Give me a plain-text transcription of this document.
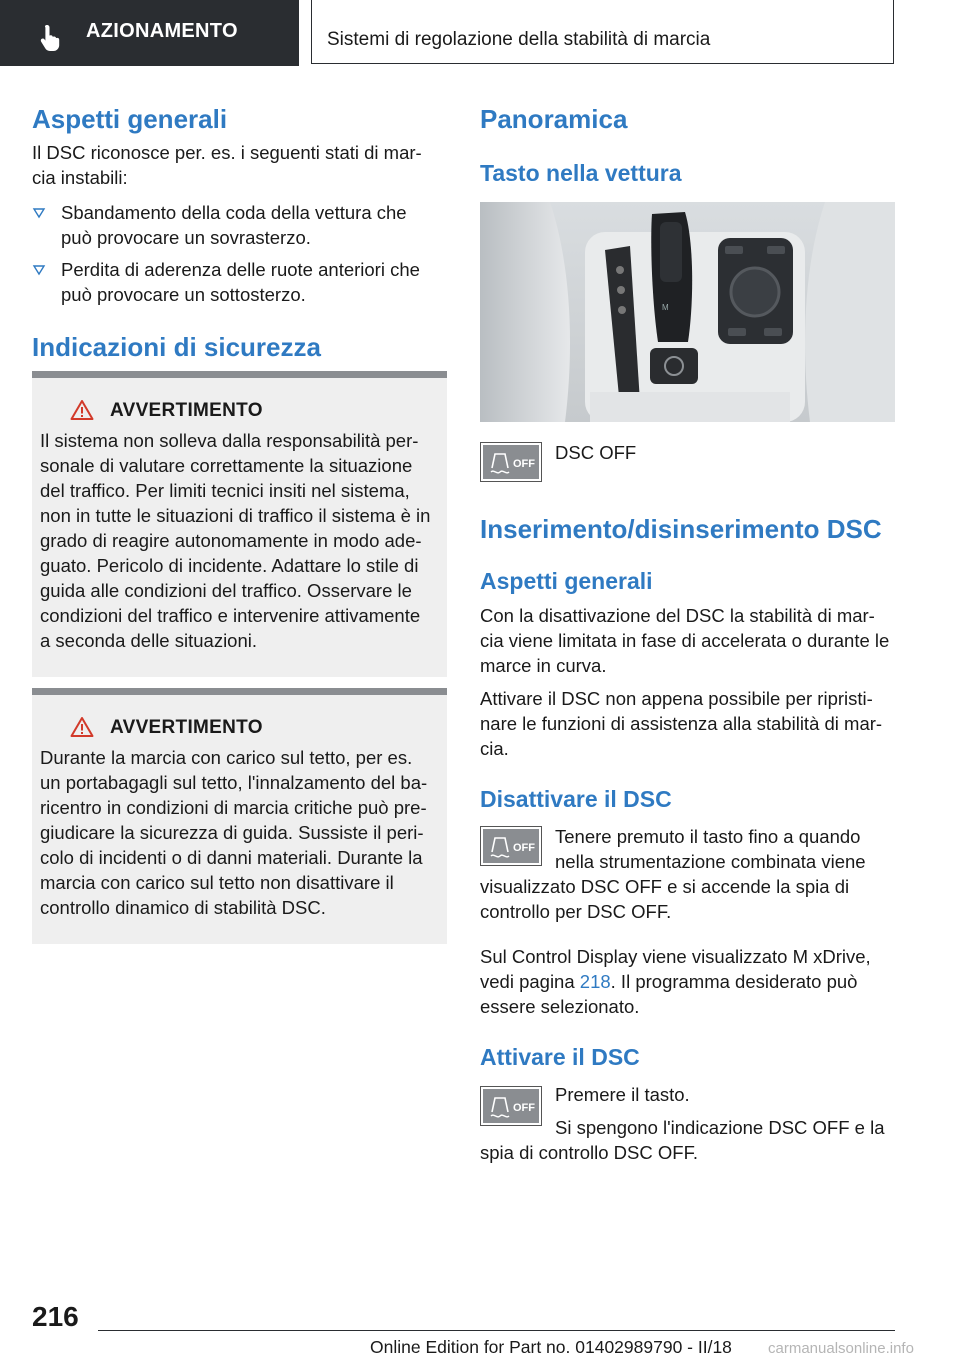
AZIONAMENTO	Sistemi di regolazione della stabilità di marcia
Aspetti generali
Il DSC riconosce per. es. i seguenti stati di mar-
cia instabili:
Sbandamento della coda della vettura che
può provocare un sovrasterzo.
Perdita di aderenza delle ruote anteriori che
può provocare un sottosterzo.
Indicazioni di sicurezza
AVVERTIMENTO
Il sistema non solleva dalla responsabilità per-
sonale di valutare correttamente la situazione
del traffico. Per limiti tecnici insiti nel sistema,
non in tutte le situazioni di traffico il sistema è in
grado di reagire autonomamente in modo ade-
guato. Pericolo di incidente. Adattare lo stile di
guida alle condizioni del traffico. Osservare le
condizioni del traffico e intervenire attivamente
a seconda delle situazioni.
AVVERTIMENTO
Durante la marcia con carico sul tetto, per es.
un portabagagli sul tetto, l'innalzamento del ba-
ricentro in condizioni di marcia critiche può pre-
giudicare la sicurezza di guida. Sussiste il peri-
colo di incidenti o di danni materiali. Durante la
marcia con carico sul tetto non disattivare il
controllo dinamico di stabilità DSC.
Panoramica
Tasto nella vettura
M
OFF
DSC OFF
Inserimento/disinserimento DSC
Aspetti generali
Con la disattivazione del DSC la stabilità di mar-
cia viene limitata in fase di accelerata o durante le
marce in curva.
Attivare il DSC non appena possibile per ripristi-
nare le funzioni di assistenza alla stabilità di mar-
cia.
Disattivare il DSC
OFF
Tenere premuto il tasto fino a quando
nella strumentazione combinata viene
visualizzato DSC OFF e si accende la spia di
controllo per DSC OFF.
Sul Control Display viene visualizzato M xDrive,
vedi pagina 218. Il programma desiderato può
essere selezionato.
Attivare il DSC
OFF
Premere il tasto.
Si spengono l'indicazione DSC OFF e la
spia di controllo DSC OFF.
216
Online Edition for Part no. 01402989790 - II/18 carmanualsonline.info
